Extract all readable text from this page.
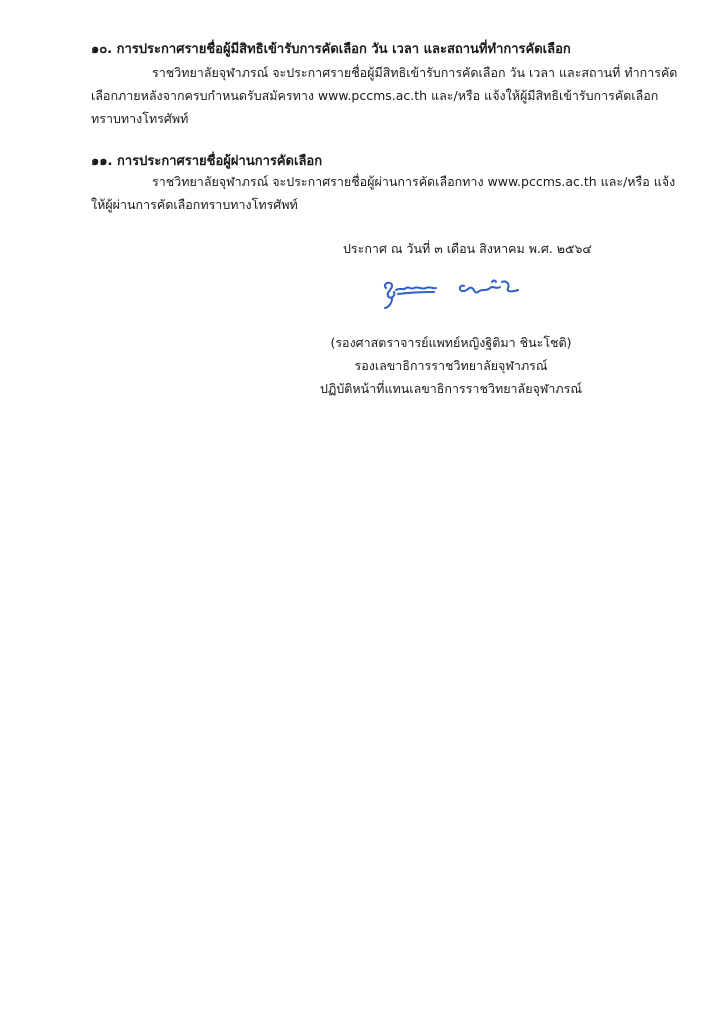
๑๐. การประกาศรายชื่อผู้มีสิทธิเข้ารับการคัดเลือก วัน เวลา และสถานที่ทำการคัดเลือก
ราชวิทยาลัยจุฬาภรณ์ จะประกาศรายชื่อผู้มีสิทธิเข้ารับการคัดเลือก วัน เวลา และสถานที่ ทำการคัด
เลือกภายหลังจากครบกำหนดรับสมัครทาง www.pccms.ac.th และ/หรือ แจ้งให้ผู้มีสิทธิเข้ารับการคัดเลือก
ทราบทางโทรศัพท์
๑๑. การประกาศรายชื่อผู้ผ่านการคัดเลือก
ราชวิทยาลัยจุฬาภรณ์ จะประกาศรายชื่อผู้ผ่านการคัดเลือกทาง www.pccms.ac.th และ/หรือ แจ้ง
ให้ผู้ผ่านการคัดเลือกทราบทางโทรศัพท์
ประกาศ ณ วันที่ ๓ เดือน สิงหาคม พ.ศ. ๒๕๖๔
(รองศาสตราจารย์แพทย์หญิงฐิติมา ชินะโชติ)
รองเลขาธิการราชวิทยาลัยจุฬาภรณ์
ปฏิบัติหน้าที่แทนเลขาธิการราชวิทยาลัยจุฬาภรณ์
